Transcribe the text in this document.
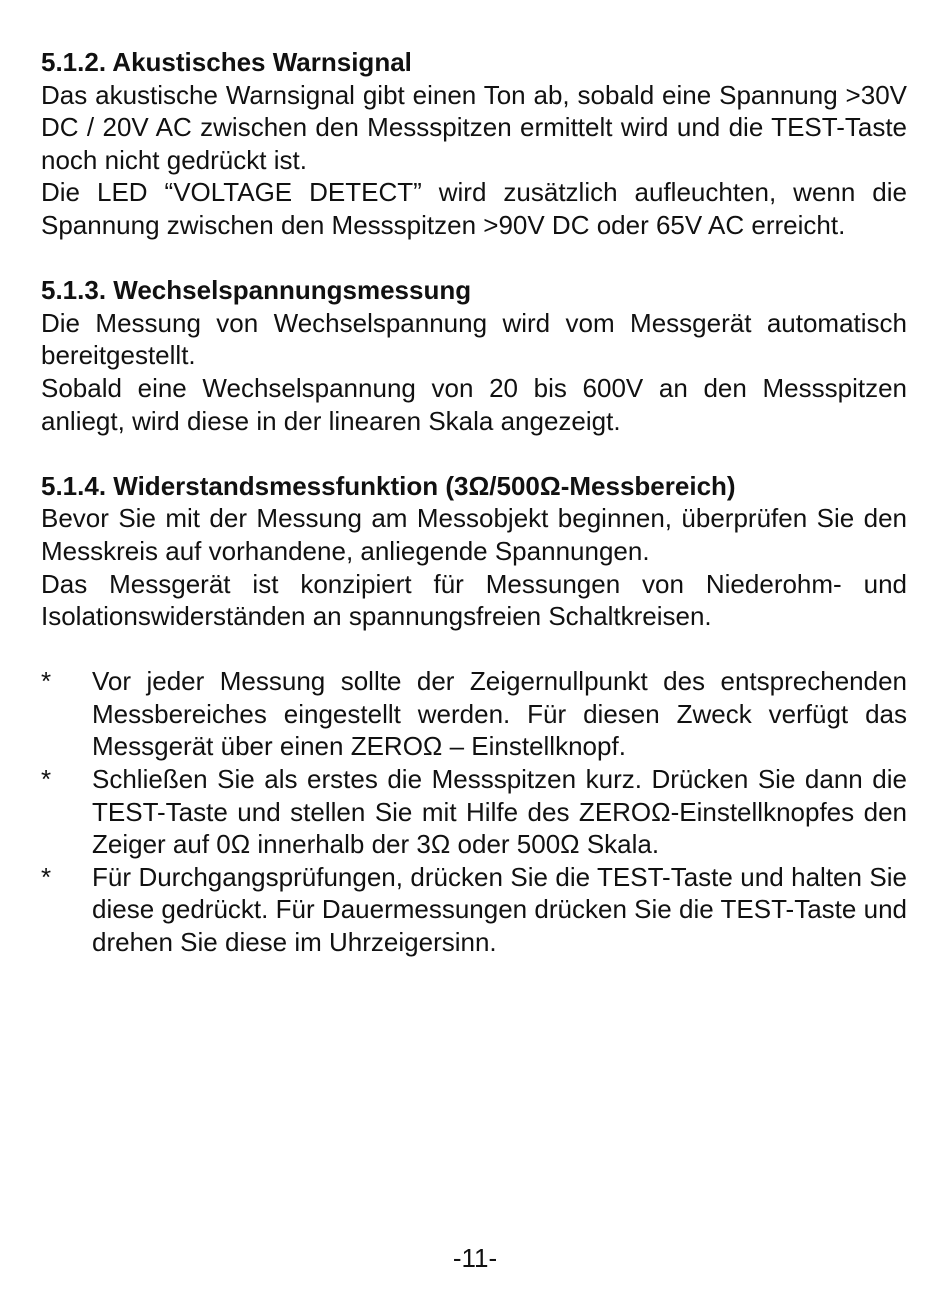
5.1.2. Akustisches Warnsignal

Das akustische Warnsignal gibt einen Ton ab, sobald eine Spannung >30V DC / 20V AC zwischen den Messspitzen ermittelt wird und die TEST-Taste noch nicht gedrückt ist.

Die LED “VOLTAGE DETECT” wird zusätzlich aufleuchten, wenn die Spannung zwischen den Messspitzen >90V DC oder 65V AC erreicht.

5.1.3. Wechselspannungsmessung

Die Messung von Wechselspannung wird vom Messgerät automatisch bereitgestellt.

Sobald eine Wechselspannung von 20 bis 600V an den Messspitzen anliegt, wird diese in der linearen Skala angezeigt.

5.1.4. Widerstandsmessfunktion (3Ω/500Ω-Messbereich)

Bevor Sie mit der Messung am Messobjekt beginnen, überprüfen Sie den Messkreis auf vorhandene, anliegende Spannungen.

Das Messgerät ist konzipiert für Messungen von Niederohm- und Isolationswiderständen an spannungsfreien Schaltkreisen.

* Vor jeder Messung sollte der Zeigernullpunkt des entsprechenden Messbereiches eingestellt werden. Für diesen Zweck verfügt das Messgerät über einen ZEROΩ – Einstellknopf.
* Schließen Sie als erstes die Messspitzen kurz. Drücken Sie dann die TEST-Taste und stellen Sie mit Hilfe des ZEROΩ-Einstellknopfes den Zeiger auf 0Ω innerhalb der 3Ω oder 500Ω Skala.
* Für Durchgangsprüfungen, drücken Sie die TEST-Taste und halten Sie diese gedrückt. Für Dauermessungen drücken Sie die TEST-Taste und drehen Sie diese im Uhrzeigersinn.
-11-
